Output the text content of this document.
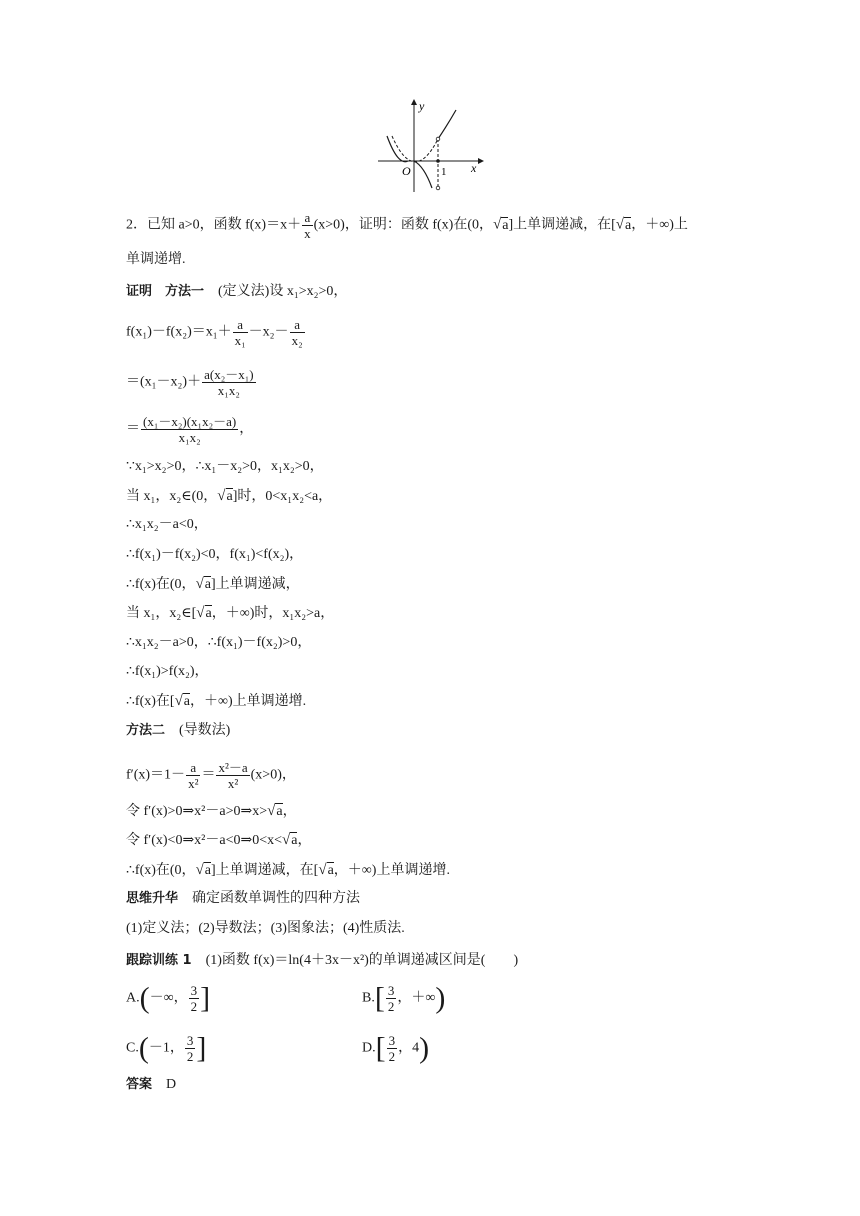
y
x
O	1
2．已知 a>0，函数 $f(x)=x+ \frac{a}{x} (x>0)$，证明：函数 f(x)在(0，√a]上单调递减，在[√a，＋∞)上
单调递增.
证明　方法一 (定义法)设 x₁>x₂>0，
$f(x_1)-f(x_2)=x_1+ \frac{a}{\text{x₁}} -x_2- \frac{a}{\text{x₂}}$
$=(x_1-x_2)+ \frac{\text{a(x₂－x₁)}}{\text{x₁x₂}}$
＝ $\frac{\text{(x₁－x₂)(x₁x₂－a)}}{\text{x₁x₂}}$ ，
∵x₁>x₂>0，∴x₁－x₂>0，x₁x₂>0，
当 x₁，x₂∈(0，√a]时，0<x₁x₂<a，
∴x₁x₂－a<0，
∴f(x₁)－f(x₂)<0，f(x₁)<f(x₂)，
∴f(x)在(0，√a]上单调递减，
当 x₁，x₂∈[√a，＋∞)时，x₁x₂>a，
∴x₁x₂－a>0，∴f(x₁)－f(x₂)>0，
∴f(x₁)>f(x₂)，
∴f(x)在[√a，＋∞)上单调递增.
方法二 (导数法)
$f'(x)=1- \frac{a}{\text{x²}} = \frac{\text{x²－a}}{\text{x²}} (x>0)$，
令 f′(x)>0⇒x²－a>0⇒x>√a，
令 f′(x)<0⇒x²－a<0⇒0<x<√a，
∴f(x)在(0，√a]上单调递减，在[√a，＋∞)上单调递增.
思维升华 确定函数单调性的四种方法
(1)定义法；(2)导数法；(3)图象法；(4)性质法.
跟踪训练 1 (1)函数 f(x)＝ln(4＋3x－x²)的单调递减区间是(　　)
A.(－∞， $\frac{3}{2}$ ]	$B.[ \frac{3}{2}$ ，＋∞)
C.(－1， $\frac{3}{2}$ ]	$D.[ \frac{3}{2}$ ，4)
答案 D
